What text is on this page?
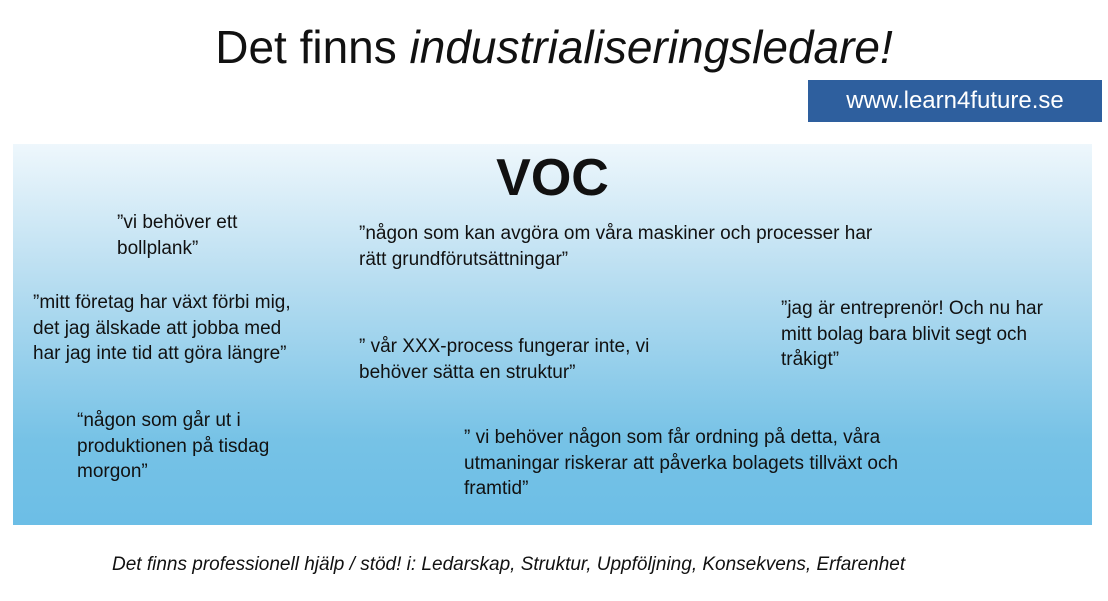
Det finns industrialiseringsledare!
www.learn4future.se
VOC
”vi behöver ett
bollplank”
”någon som kan avgöra om våra maskiner och processer har
rätt grundförutsättningar”
”mitt företag har växt förbi mig,
det jag älskade att jobba med
har jag inte tid att göra längre”
”jag är entreprenör! Och nu har
mitt bolag bara blivit segt och
tråkigt”
” vår XXX-process fungerar inte, vi
behöver sätta en struktur”
“någon som går ut i
produktionen på tisdag
morgon”
” vi behöver någon som får ordning på detta, våra
utmaningar riskerar att påverka bolagets tillväxt och
framtid”
Det finns professionell hjälp / stöd! i: Ledarskap, Struktur, Uppföljning, Konsekvens, Erfarenhet
